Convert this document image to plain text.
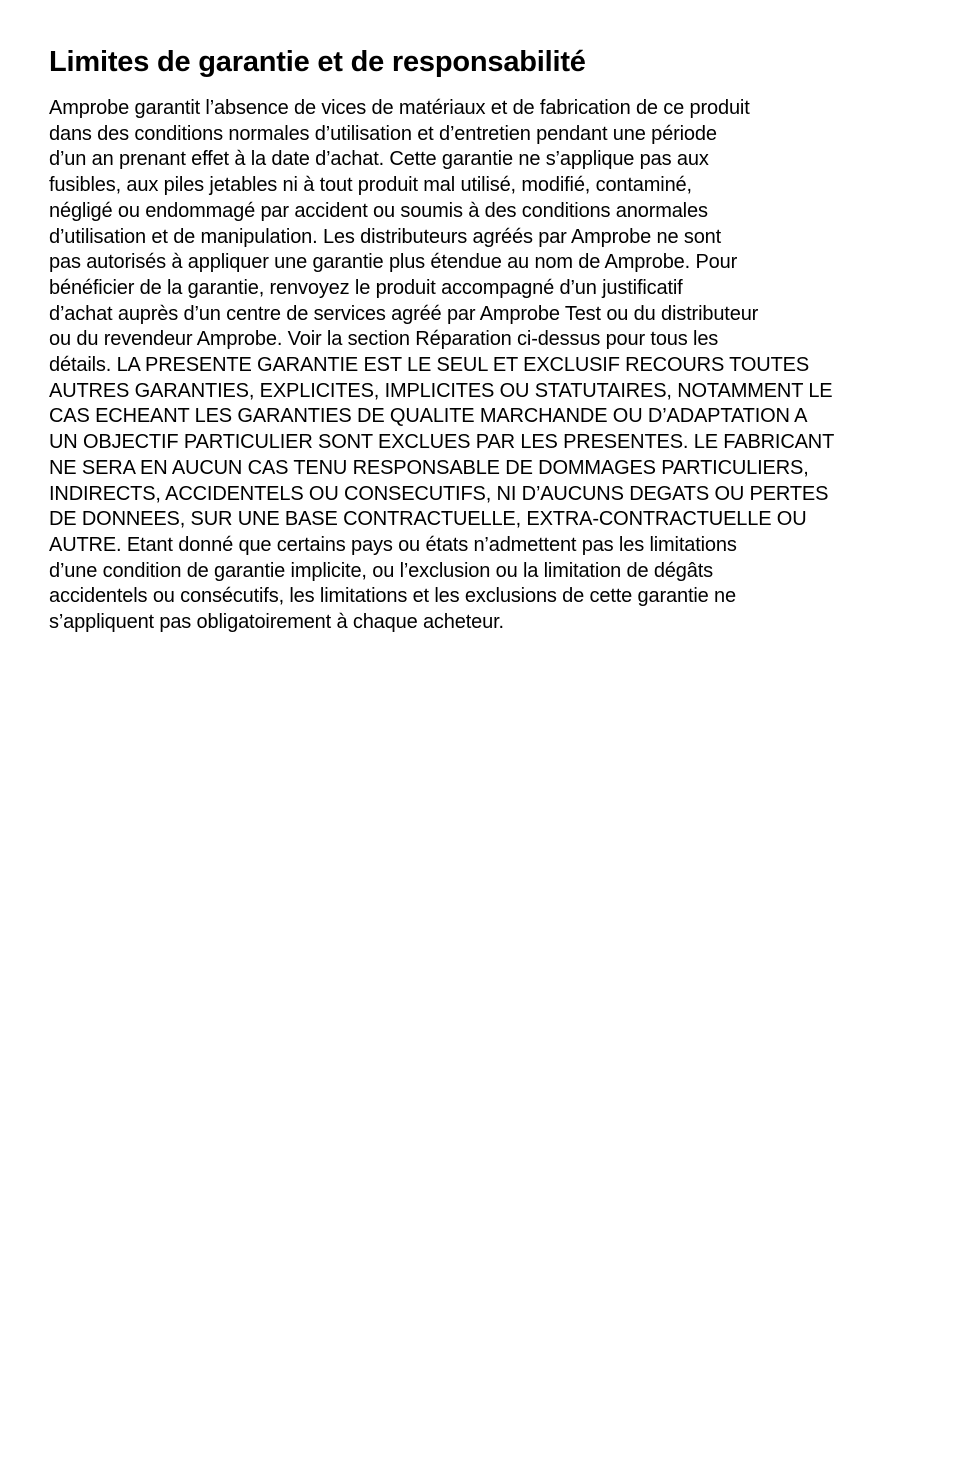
Limites de garantie et de responsabilité

Amprobe garantit l’absence de vices de matériaux et de fabrication de ce produit
dans des conditions normales d’utilisation et d’entretien pendant une période
d’un an prenant effet à la date d’achat. Cette garantie ne s’applique pas aux
fusibles, aux piles jetables ni à tout produit mal utilisé, modifié, contaminé,
négligé ou endommagé par accident ou soumis à des conditions anormales
d’utilisation et de manipulation. Les distributeurs agréés par Amprobe ne sont
pas autorisés à appliquer une garantie plus étendue au nom de Amprobe. Pour
bénéficier de la garantie, renvoyez le produit accompagné d’un justificatif
d’achat auprès d’un centre de services agréé par Amprobe Test ou du distributeur
ou du revendeur Amprobe. Voir la section Réparation ci-dessus pour tous les
détails. LA PRESENTE GARANTIE EST LE SEUL ET EXCLUSIF RECOURS TOUTES
AUTRES GARANTIES, EXPLICITES, IMPLICITES OU STATUTAIRES, NOTAMMENT LE
CAS ECHEANT LES GARANTIES DE QUALITE MARCHANDE OU D’ADAPTATION A
UN OBJECTIF PARTICULIER SONT EXCLUES PAR LES PRESENTES. LE FABRICANT
NE SERA EN AUCUN CAS TENU RESPONSABLE DE DOMMAGES PARTICULIERS,
INDIRECTS, ACCIDENTELS OU CONSECUTIFS, NI D’AUCUNS DEGATS OU PERTES
DE DONNEES, SUR UNE BASE CONTRACTUELLE, EXTRA-CONTRACTUELLE OU
AUTRE. Etant donné que certains pays ou états n’admettent pas les limitations
d’une condition de garantie implicite, ou l’exclusion ou la limitation de dégâts
accidentels ou consécutifs, les limitations et les exclusions de cette garantie ne
s’appliquent pas obligatoirement à chaque acheteur.
